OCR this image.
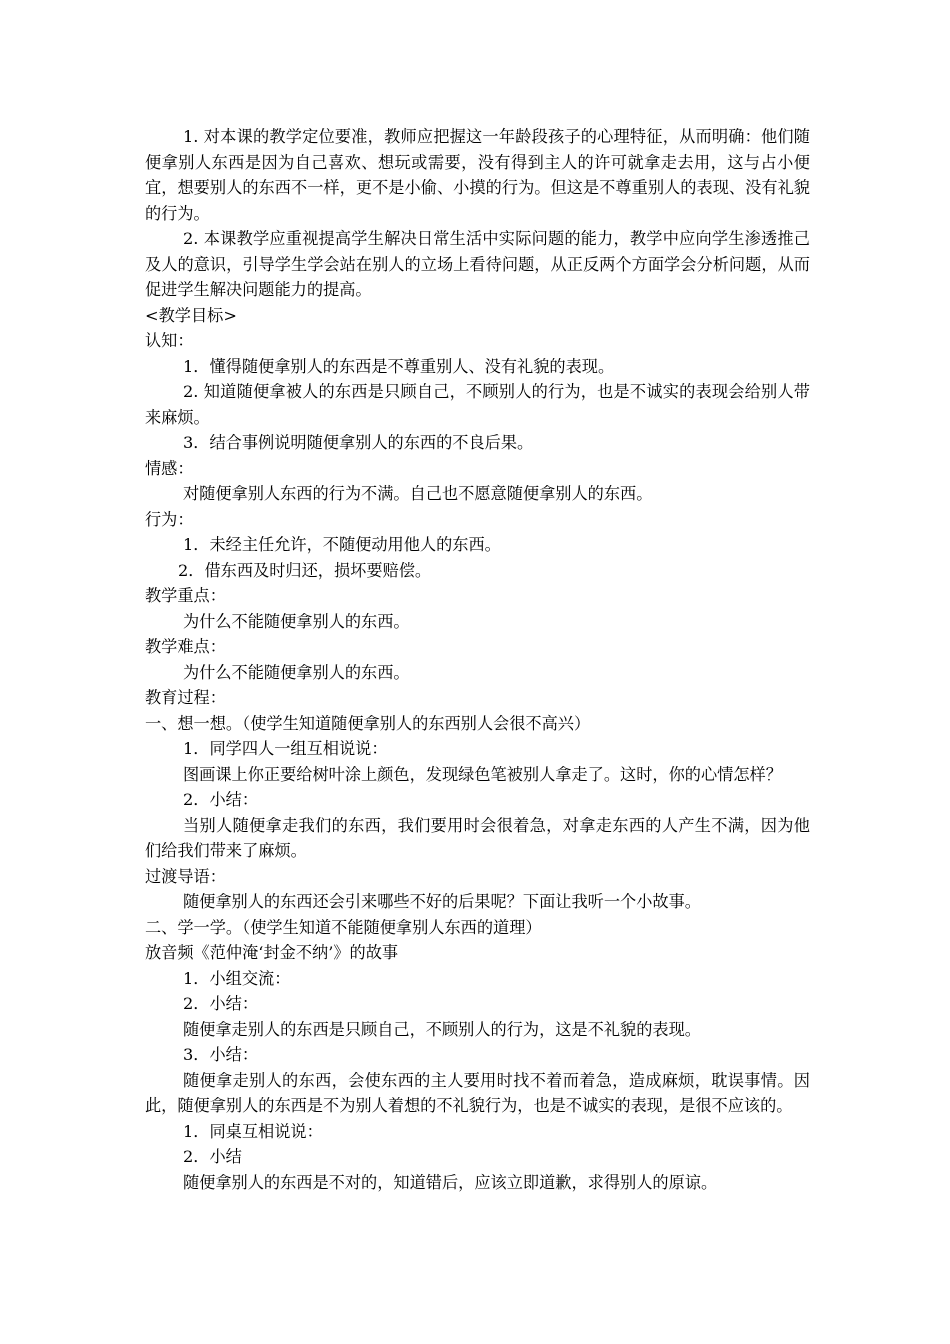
1. 对本课的教学定位要准，教师应把握这一年龄段孩子的心理特征，从而明确：他们随便拿别人东西是因为自己喜欢、想玩或需要，没有得到主人的许可就拿走去用，这与占小便宜，想要别人的东西不一样，更不是小偷、小摸的行为。但这是不尊重别人的表现、没有礼貌的行为。

2. 本课教学应重视提高学生解决日常生活中实际问题的能力，教学中应向学生渗透推己及人的意识，引导学生学会站在别人的立场上看待问题，从正反两个方面学会分析问题，从而促进学生解决问题能力的提高。

<教学目标>

认知：

1．懂得随便拿别人的东西是不尊重别人、没有礼貌的表现。

2. 知道随便拿被人的东西是只顾自己，不顾别人的行为，也是不诚实的表现会给别人带来麻烦。

3．结合事例说明随便拿别人的东西的不良后果。

情感：

对随便拿别人东西的行为不满。自己也不愿意随便拿别人的东西。

行为：

1．未经主任允许，不随便动用他人的东西。

2．借东西及时归还，损坏要赔偿。

教学重点：

为什么不能随便拿别人的东西。

教学难点：

为什么不能随便拿别人的东西。

教育过程：

一、想一想。（使学生知道随便拿别人的东西别人会很不高兴）

1．同学四人一组互相说说：

图画课上你正要给树叶涂上颜色，发现绿色笔被别人拿走了。这时，你的心情怎样？

2．小结：

当别人随便拿走我们的东西，我们要用时会很着急，对拿走东西的人产生不满，因为他们给我们带来了麻烦。

过渡导语：

随便拿别人的东西还会引来哪些不好的后果呢？下面让我听一个小故事。

二、学一学。（使学生知道不能随便拿别人东西的道理）

放音频《范仲淹‘封金不纳’》的故事

1．小组交流：

2．小结：

随便拿走别人的东西是只顾自己，不顾别人的行为，这是不礼貌的表现。

3．小结：

随便拿走别人的东西，会使东西的主人要用时找不着而着急，造成麻烦，耽误事情。因此，随便拿别人的东西是不为别人着想的不礼貌行为，也是不诚实的表现，是很不应该的。

1．同桌互相说说：

2．小结

随便拿别人的东西是不对的，知道错后，应该立即道歉，求得别人的原谅。
